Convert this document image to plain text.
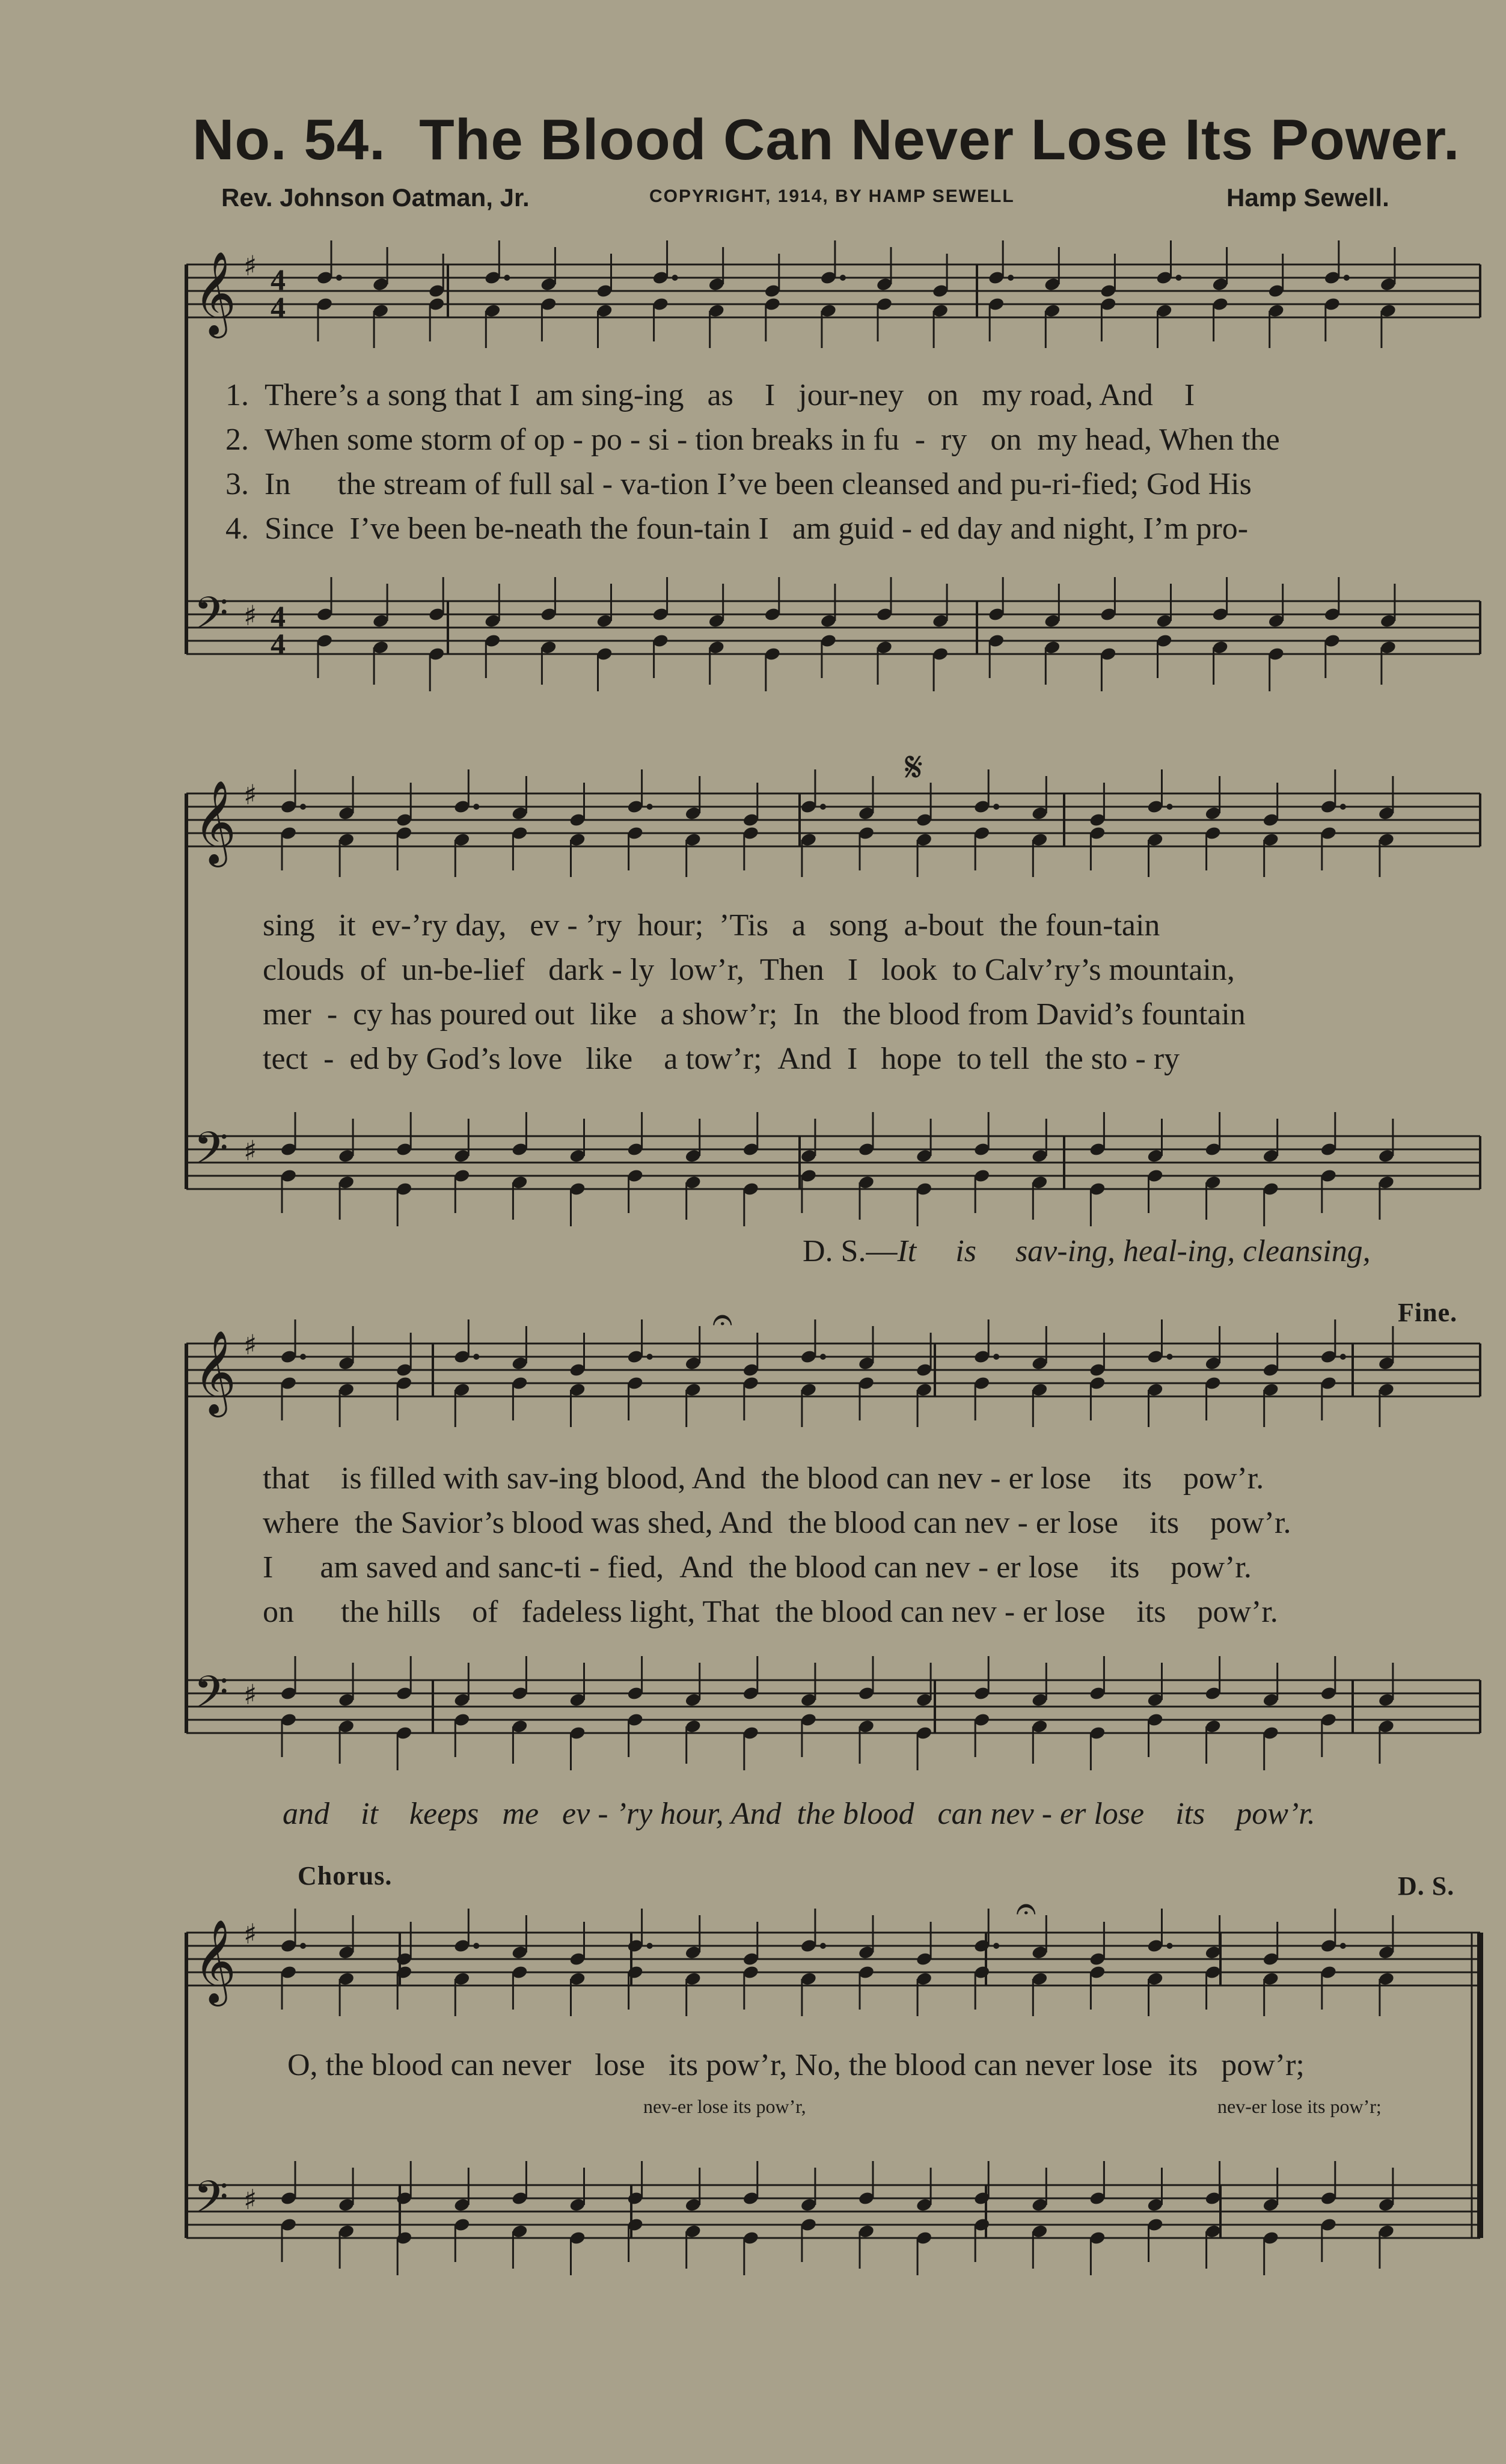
No. 54. The Blood Can Never Lose Its Power.
Rev. Johnson Oatman, Jr.	COPYRIGHT, 1914, BY HAMP SEWELL	Hamp Sewell.
𝄞
𝄢
♯
♯
4
4
4
4
𝄞
𝄢
♯
♯
𝄞
𝄢
♯
♯
𝄞
𝄢
♯
♯
𝄋
𝄐
𝄐
1. There’s a song that I am sing-ing as I jour-ney on my road, And I
2. When some storm of op - po - si - tion breaks in fu - ry on my head, When the
3. In the stream of full sal - va-tion I’ve been cleansed and pu-ri-fied; God His
4. Since I’ve been be-neath the foun-tain I am guid - ed day and night, I’m pro-
sing it ev-’ry day, ev - ’ry hour; ’Tis a song a-bout the foun-tain
clouds of un-be-lief dark - ly low’r, Then I look to Calv’ry’s mountain,
mer - cy has poured out like a show’r; In the blood from David’s fountain
tect - ed by God’s love like a tow’r; And I hope to tell the sto - ry
D. S.—It is sav-ing, heal-ing, cleansing,
Fine.
that is filled with sav-ing blood, And the blood can nev - er lose its pow’r.
where the Savior’s blood was shed, And the blood can nev - er lose its pow’r.
I am saved and sanc-ti - fied, And the blood can nev - er lose its pow’r.
on the hills of fadeless light, That the blood can nev - er lose its pow’r.
and it keeps me ev - ’ry hour, And the blood can nev - er lose its pow’r.
Chorus.	D. S.
O, the blood can never lose its pow’r, No, the blood can never lose its pow’r;
nev-er lose its pow’r,	nev-er lose its pow’r;
